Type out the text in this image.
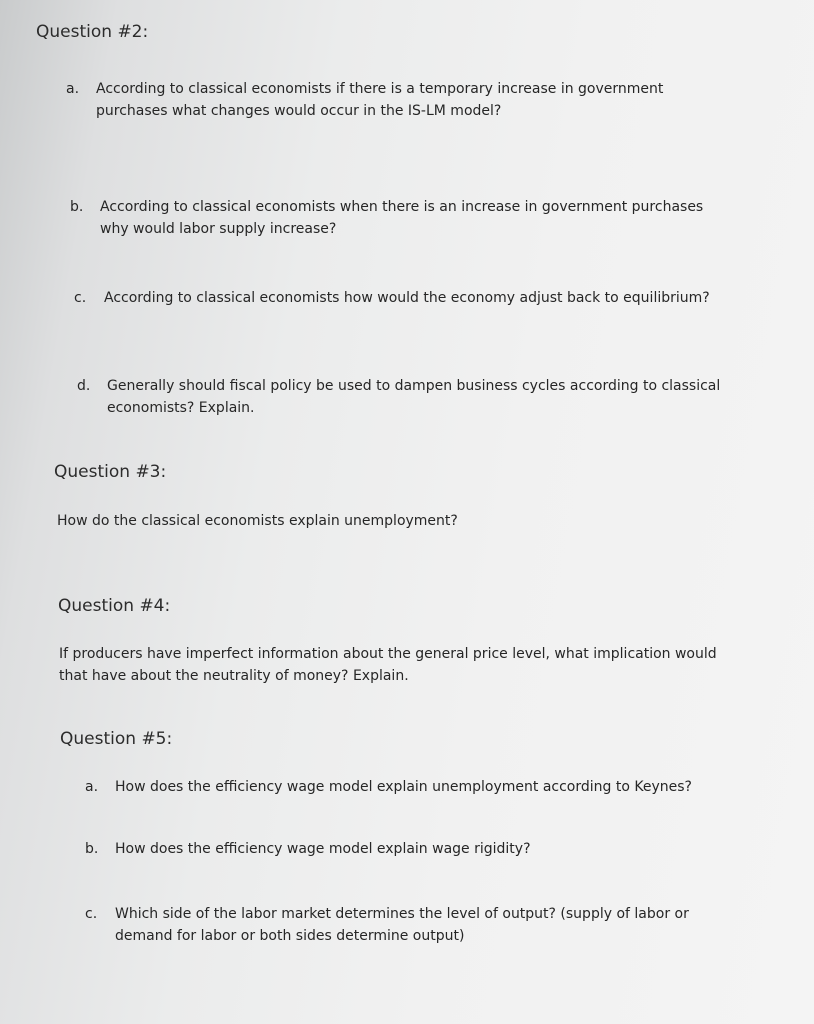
Question #2:
a. According to classical economists if there is a temporary increase in government purchases what changes would occur in the IS-LM model?
b. According to classical economists when there is an increase in government purchases why would labor supply increase?
c. According to classical economists how would the economy adjust back to equilibrium?
d. Generally should fiscal policy be used to dampen business cycles according to classical economists? Explain.
Question #3:
How do the classical economists explain unemployment?
Question #4:
If producers have imperfect information about the general price level, what implication would that have about the neutrality of money? Explain.
Question #5:
a. How does the efficiency wage model explain unemployment according to Keynes?
b. How does the efficiency wage model explain wage rigidity?
c. Which side of the labor market determines the level of output? (supply of labor or demand for labor or both sides determine output)
